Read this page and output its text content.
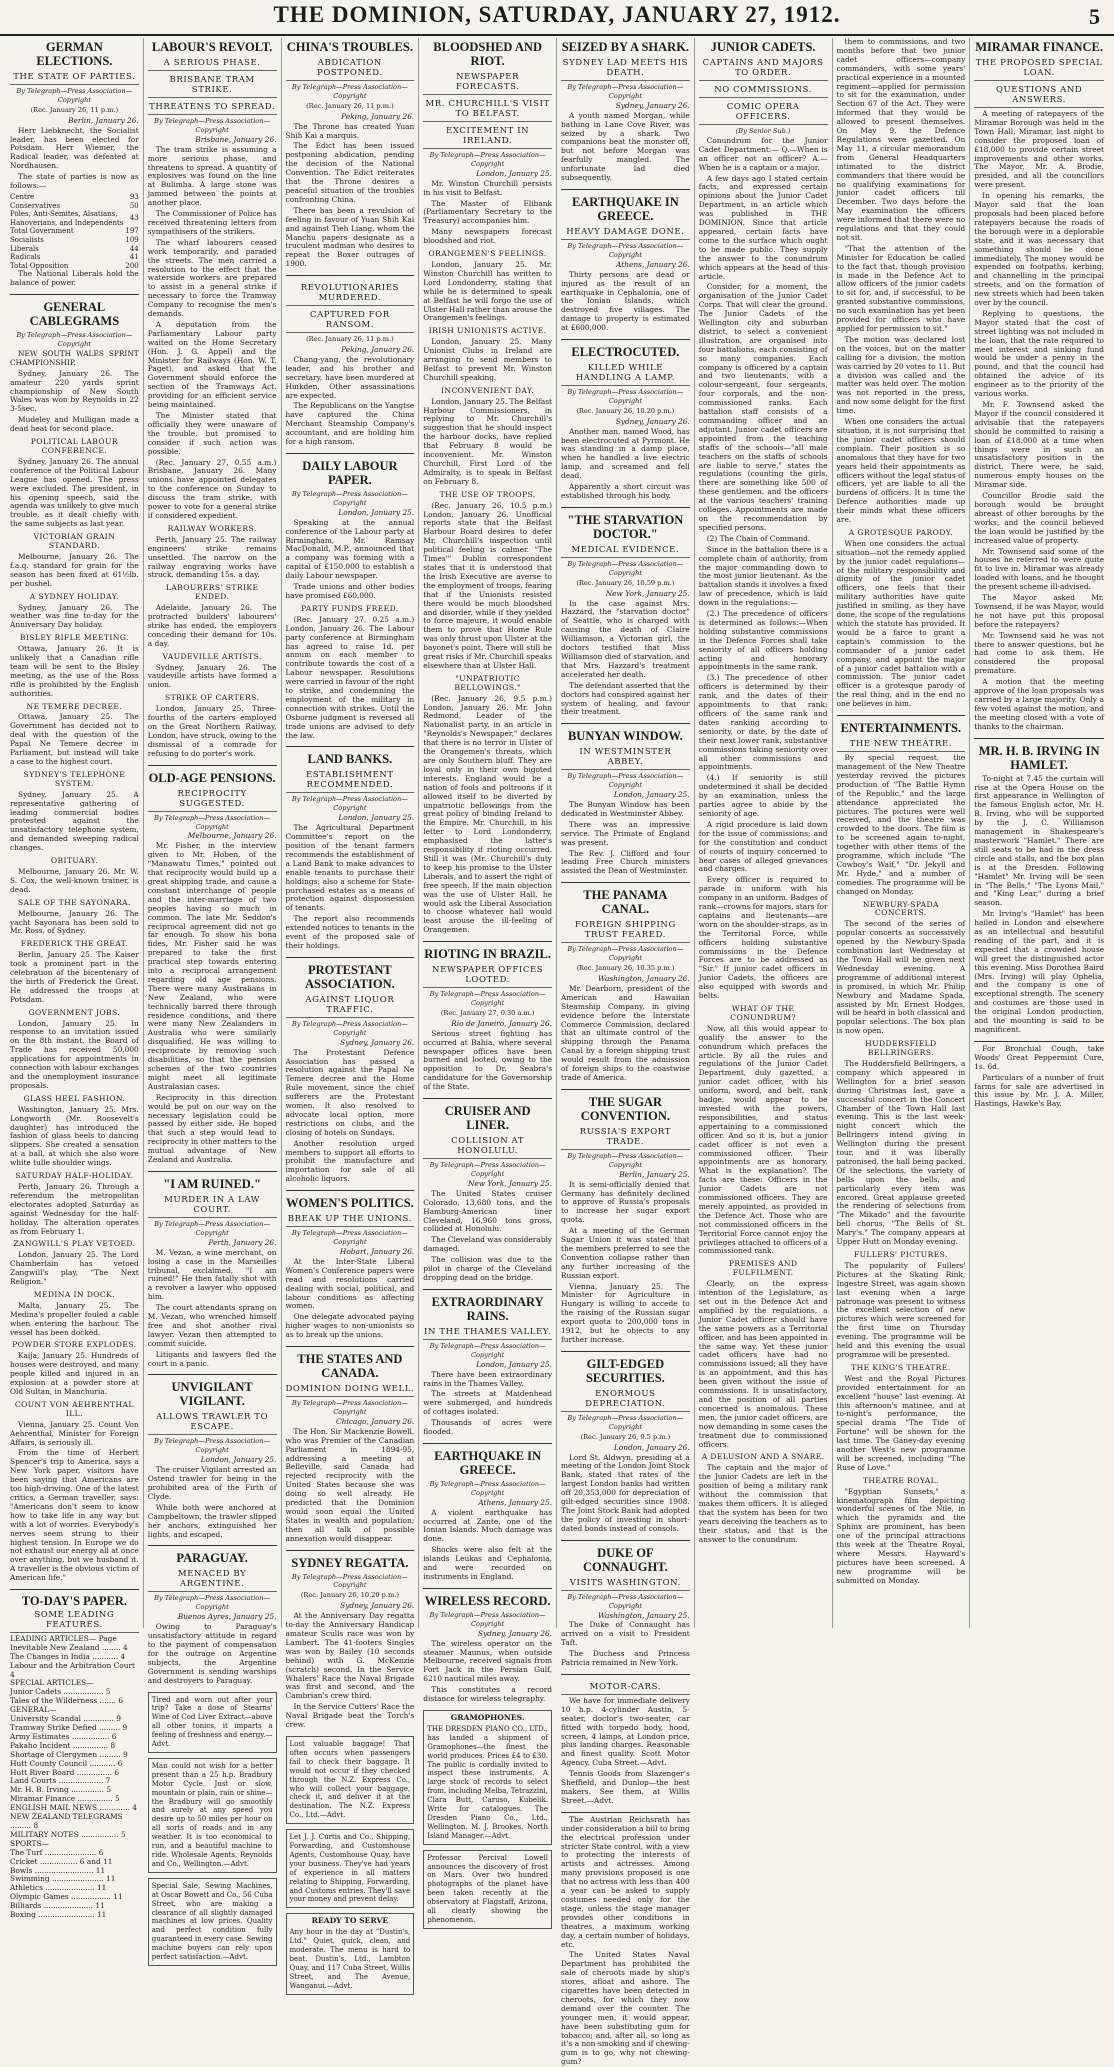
THE DOMINION, SATURDAY, JANUARY 27, 1912.	5
GERMAN ELECTIONS.
THE STATE OF PARTIES.
By Telegraph—Press Association—Copyright
(Rec. January 26, 11 p.m.)
Berlin, January 26.

Herr Liebknecht, the Socialist leader, has been elected for Potsdam. Herr Wiemer, the Radical leader, was defeated at Nordhausen.

The state of parties is now as follows:—

Centre	93
Conservatives	50
Poles, Anti-Semites, Alsatians, Hanoverians, and Independents	43
Total Government	197
Socialists	109
Liberals	44
Radicals	41
Total Opposition	200

The National Liberals hold the balance of power.

GENERAL CABLEGRAMS
By Telegraph—Press Association—Copyright

NEW SOUTH WALES SPRINT CHAMPIONSHIP.

Sydney, January 26. The amateur 220 yards sprint championship of New South Wales was won by Reynolds in 22 3-5sec.

Mudeley and Mulligan made a dead heat for second place.

POLITICAL LABOUR CONFERENCE.

Sydney, January 26. The annual conference of the Political Labour League has opened. The press were excluded. The president, in his opening speech, said the agenda was unlikely to give much trouble, as it dealt chiefly with the same subjects as last year.

VICTORIAN GRAIN STANDARD.

Melbourne, January 26. The f.a.q. standard for grain for the season has been fixed at 61½lb. per bushel.

A SYDNEY HOLIDAY.

Sydney, January 26. The weather was fine to-day for the Anniversary Day holiday.

BISLEY RIFLE MEETING.

Ottawa, January 26. It is unlikely that a Canadian rifle team will be sent to the Bisley meeting, as the use of the Ross rifle is prohibited by the English authorities.

NE TEMERE DECREE.

Ottawa, January 25. The Government has decided not to deal with the question of the Papal Ne Temere decree in Parliament, but instead will take a case to the highest court.

SYDNEY'S TELEPHONE SYSTEM.

Sydney, January 25. A representative gathering of leading commercial bodies protested against the unsatisfactory telephone system, and demanded sweeping radical changes.

OBITUARY.

Melbourne, January 26. Mr. W. S. Cox, the well-known trainer, is dead.

SALE OF THE SAYONARA.

Melbourne, January 26. The yacht Sayonara has been sold to Mr. Ross, of Sydney.

FREDERICK THE GREAT.

Berlin, January 25. The Kaiser took a prominent part in the celebration of the bicentenary of the birth of Frederick the Great. He addressed the troops at Potsdam.

GOVERNMENT JOBS.

London, January 25. In response to an invitation issued on the 8th instant, the Board of Trade has received 50,000 applications for appointments in connection with labour exchanges and the unemployment insurance proposals.

GLASS HEEL FASHION.

Washington, January 25. Mrs. Longworth (Mr. Roosevelt's daughter) has introduced the fashion of glass heels to dancing slippers. She created a sensation at a ball, at which she also wore white tulle shoulder wings.

SATURDAY HALF-HOLIDAY.

Perth, January 26. Through a referendum the metropolitan electorates adopted Saturday as against Wednesday for the half-holiday. The alteration operates as from February 1.

ZANGWILL'S PLAY VETOED.

London, January 25. The Lord Chamberlain has vetoed Zangwill's play, "The Next Religion."

MEDINA IN DOCK.

Malta, January 25. The Medina's propeller fouled a cable when entering the harbour. The vessel has been docked.

POWDER STORE EXPLODES.

Kaija, January 25. Hundreds of houses were destroyed, and many people killed and injured in an explosion at a powder store at Old Sultan, in Manchuria.

COUNT VON AEHRENTHAL ILL.

Vienna, January 25. Count Von Aehrenthal, Minister for Foreign Affairs, is seriously ill.

From the time of Herbert Spencer's trip to America, says a New York paper, visitors have been saying that Americans are too high-driving. One of the latest critics, a German traveller, says: "Americans don't seem to know how to take life in any way but with a lot of worries. Everybody's nerves seem strung to their highest tension. In Europe we do not exhaust our energy all at once over anything, but we husband it. A traveller is the obvious victim of American life."

TO-DAY'S PAPER.
SOME LEADING FEATURES.
LEADING ARTICLES— Page
Inevitable New Zealand ........ 4
The Changes in India ........... 4
Labour and the Arbitration Court 4
SPECIAL ARTICLES—
Junior Cadets ................. 5
Tales of the Wilderness ....... 6
GENERAL—
University Scandal ............. 9
Tramway Strike Defied ......... 9
Army Estimates ................ 6
Pakaho Incident ............... 8
Shortage of Clergymen ......... 9
Hutt County Council ........... 6
Hutt River Board ............... 6
Land Courts ................... 7
Mr. H. B. Irving .............. 5
Miramar Finance ............... 5
ENGLISH MAIL NEWS ............. 4
NEW ZEALAND TELEGRAMS ......... 8
MILITARY NOTES ................ 5
SPORTS—
The Turf ...................... 6
Cricket ................ 6 and 11
Bowls ......................... 11
Swimming ...................... 11
Athletics ..................... 11
Olympic Games ................. 11
Billiards ..................... 11
Boxing ........................ 11
LABOUR'S REVOLT.
A SERIOUS PHASE.
BRISBANE TRAM STRIKE.
THREATENS TO SPREAD.
By Telegraph—Press Association—Copyright
Brisbane, January 26.

The tram strike is assuming a more serious phase, and threatens to spread. A quantity of explosives was found on the line at Bulimba. A large stone was jammed between the points at another place.

The Commissioner of Police has received threatening letters from sympathisers of the strikers.

The wharf labourers ceased work temporarily, and paraded the streets. The men carried a resolution to the effect that the waterside workers are prepared to assist in a general strike if necessary to force the Tramway Company to recognise the men's demands.

A deputation from the Parliamentary Labour party waited on the Home Secretary (Hon. J. G. Appel) and the Minister for Railways (Hon. W. T. Paget), and asked that the Government should enforce the section of the Tramways Act, providing for an efficient service being maintained.

The Minister stated that officially they were unaware of the trouble, but promised to consider if such action was possible.

(Rec. January 27, 0.55 a.m.) Brisbane, January 26. Many unions have appointed delegates to the conference on Sunday to discuss the tram strike, with power to vote for a general strike if considered expedient.

RAILWAY WORKERS.

Perth, January 25. The railway engineers' strike remains unsettled. The narrow on the railway engraving works have struck, demanding 15s. a day.

LABOURERS' STRIKE ENDED.

Adelaide, January 26. The protracted builders' labourers' strike has ended, the employers conceding their demand for 10s. a day.

VAUDEVILLE ARTISTS.

Sydney, January 26. The vaudeville artists have formed a union.

STRIKE OF CARTERS.

London, January 25. Three-fourths of the carters employed on the Great Northern Railway, London, have struck, owing to the dismissal of a comrade for refusing to do porter's work.

OLD-AGE PENSIONS.
RECIPROCITY SUGGESTED.
By Telegraph—Press Association—Copyright
Melbourne, January 26.

Mr. Fisher, in the interview given to Mr. Hoben, of the "Manawatu Times," pointed out that reciprocity would build up a great shipping trade, and cause a constant interchange of people and the inter-marriage of two peoples having so much in common. The late Mr. Seddon's reciprocal agreement did not go far enough. To show his bona fides, Mr. Fisher said he was prepared to take the first practical step towards entering into a reciprocal arrangement regarding old age pensions. There were many Australians in New Zealand, who were technically barred there through residence conditions, and there were many New Zealanders in Australia who were similarly disqualified. He was willing to reciprocate by removing such disabilities, so that the pension schemes of the two countries might meet all legitimate Australasian cases.

Reciprocity in this direction would be put on our way on the necessary legislation could be passed by either side. He hoped that such a step would lead to reciprocity in other matters to the mutual advantage of New Zealand and Australia.

"I AM RUINED."
MURDER IN A LAW COURT.
By Telegraph—Press Association—Copyright
Perth, January 26.

M. Vezan, a wine merchant, on losing a case in the Marseilles tribunal, exclaimed, "I am ruined!" He then fatally shot with a revolver a lawyer who opposed him.

The court attendants sprang on M. Vezan, who wrenched himself free and shot another rival lawyer. Vezan then attempted to commit suicide.

Litigants and lawyers fled the court in a panic.

UNVIGILANT VIGILANT.
ALLOWS TRAWLER TO ESCAPE.
By Telegraph—Press Association—Copyright
London, January 25.

The cruiser Vigilant arrested an Ostend trawler for being in the prohibited area of the Firth of Clyde.

While both were anchored at Campbeltown, the trawler slipped her anchors, extinguished her lights, and escaped.

PARAGUAY.
MENACED BY ARGENTINE.
By Telegraph—Press Association—Copyright
Buenos Ayres, January 25.

Owing to Paraguay's unsatisfactory attitude in regard to the payment of compensation for the outrage on Argentine subjects, the Argentine Government is sending warships and destroyers to Paraguay.

Tired and worn out after your trip? Take a dose of Stearns' Wine of Cod Liver Extract—above all other tonics, it imparts a feeling of freshness and energy.—Advt.
Man could not wish for a better present than a 25 h.p. Bradbury Motor Cycle. Just or slow, mountain or plain, rain or shine—the Bradbury will go smoothly and surely at any speed you desire up to 50 miles per hour on all sorts of roads and in any weather. It is too economical to run, and a beautiful machine to ride. Wholesale Agents, Reynolds and Co., Wellington.—Advt.
Special Sale, Sewing Machines, at Oscar Bowett and Co., 56 Cuba Street, who are making a clearance of all slightly damaged machines at low prices. Quality and perfect condition fully guaranteed in every case. Sewing machine buyers can rely upon perfect satisfaction.—Advt.
CHINA'S TROUBLES.
ABDICATION POSTPONED.
By Telegraph—Press Association—Copyright
(Rec. January 26, 11 p.m.)
Peking, January 26.

The Throne has created Yuan Shih Kai a marquis.

The Edict has been issued postponing abdication, pending the decision of the National Convention. The Edict reiterates that the Throne desires a peaceful situation of the troubles confronting China.

There has been a revulsion of feeling in favour of Yuan Shih Kai and against Tieh Liang, whom the Manchu papers designate as a truculent madman who desires to repeat the Boxer outrages of 1900.

REVOLUTIONARIES MURDERED.
CAPTURED FOR RANSOM.
(Rec. January 26, 11 p.m.)
Peking, January 26.

Chang-yang, the revolutionary leader, and his brother and secretary, have been murdered at Hinkden. Other assassinations are expected.

The Republicans on the Yangtse have captured the China Merchant Steamship Company's accountant, and are holding him for a high ransom.

DAILY LABOUR PAPER.
By Telegraph—Press Association—Copyright
London, January 25.

Speaking at the annual conference of the Labour party at Birmingham, Mr. Ramsay MacDonald, M.P., announced that a company was forming with a capital of £150,000 to establish a daily Labour newspaper.

Trade unions and other bodies have promised £60,000.

PARTY FUNDS FREED.

(Rec. January 27, 0.25 a.m.) London, January 26. The Labour party conference at Birmingham has agreed to raise 1d. per annum on each member to contribute towards the cost of a Labour newspaper. Resolutions were carried in favour of the right to strike, and condemning the employment of the military in connection with strikes. Until the Osborne judgment is reversed all trade unions are advised to defy the law.

LAND BANKS.
ESTABLISHMENT RECOMMENDED.
By Telegraph—Press Association—Copyright
London, January 25.

The Agricultural Department Committee's report on the position of the tenant farmers recommends the establishment of a Land Bank to make advances to enable tenants to purchase their holdings; also a scheme for State-purchased estates as a means of protection against dispossession of tenants.

The report also recommends extended notices to tenants in the event of the proposed sale of their holdings.

PROTESTANT ASSOCIATION.
AGAINST LIQUOR TRAFFIC.
By Telegraph—Press Association—Copyright
Sydney, January 26.

The Protestant Defence Association has passed a resolution against the Papal Ne Temere decree and the Home Rule movement, since the chief sufferers are the Protestant women. It also resolved to advocate local option, more restrictions on clubs, and the closing of hotels on Sundays.

Another resolution urged members to support all efforts to prohibit the manufacture and importation for sale of all alcoholic liquors.

WOMEN'S POLITICS.
BREAK UP THE UNIONS.
By Telegraph—Press Association—Copyright
Hobart, January 26.

At the Inter-State Liberal Women's Conference papers were read and resolutions carried dealing with social, political, and labour conditions as affecting women.

One delegate advocated paying higher wages to non-unionists so as to break up the unions.

THE STATES AND CANADA.
DOMINION DOING WELL.
By Telegraph—Press Association—Copyright
Chicago, January 26.

The Hon. Sir Mackenzie Bowell, who was Premier of the Canadian Parliament in 1894-95, addressing a meeting at Belleville, said Canada had rejected reciprocity with the United States because she was doing so well already. He predicted that the Dominion would soon equal the United States in wealth and population; then all talk of possible annexation would disappear.

SYDNEY REGATTA.
By Telegraph—Press Association—Copyright
(Rec. January 26, 10.20 p.m.)
Sydney, January 26.

At the Anniversary Day regatta to-day the Anniversary Handicap amateur Sculls race was won by Lambert. The 41-footers Singles was won by Bailey (10 seconds behind) with G. McKenzie (scratch) second. In the Service Whalers' Race the Naval Brigade was first and second, and the Cambrian's crew third.

In the Service Cutters' Race the Naval Brigade beat the Torch's crew.

Lost valuable baggage! That often occurs when passengers fail to check their baggage. It would not occur if they checked through the N.Z. Express Co., who will collect your baggage, check it, and deliver it at the destination. The N.Z. Express Co., Ltd.—Advt.
Let J. J. Curtis and Co., Shipping, Forwarding, and Customhouse Agents, Customhouse Quay, have your business. They've had years of experience in all matters relating to Shipping, Forwarding, and Customs entries. They'll save your money and prevent delay.
READY TO SERVE
Any hour in the day at "Dustin's, Ltd." Quiet, quick, clean, and moderate. The menu is hard to beat. Dustin's, Ltd., Lambton Quay, and 117 Cuba Street, Willis Street, and The Avenue, Wanganui.—Advt.
BLOODSHED AND RIOT.
NEWSPAPER FORECASTS.
MR. CHURCHILL'S VISIT TO BELFAST.
EXCITEMENT IN IRELAND.
By Telegraph—Press Association—Copyright
London, January 25.

Mr. Winston Churchill persists in his visit to Belfast.

The Master of Elibank (Parliamentary Secretary to the Treasury) accompanies him.

Many newspapers forecast bloodshed and riot.

ORANGEMEN'S FEELINGS.

London, January 25. Mr. Winston Churchill has written to Lord Londonderry, stating that while he is determined to speak at Belfast he will forgo the use of Ulster Hall rather than arouse the Orangemen's feelings.

IRISH UNIONISTS ACTIVE.

London, January 25. Many Unionist Clubs in Ireland are arranging to send members to Belfast to prevent Mr. Winston Churchill speaking.

INCONVENIENT DAY.

London, January 25. The Belfast Harbour Commissioners, in replying to Mr. Churchill's suggestion that he should inspect the harbour docks, have replied that February 8 would be inconvenient. Mr. Winston Churchill, First Lord of the Admiralty, is to speak in Belfast on February 8.

THE USE OF TROOPS.

(Rec. January 26, 10.5 p.m.) London, January 26. Unofficial reports state that the Belfast Harbour Board desires to defer Mr. Churchill's inspection until political feeling is calmer. "The Times'" Dublin correspondent states that it is understood that the Irish Executive are averse to the employment of troops, fearing that if the Unionists resisted there would be much bloodshed and disorder, while if they yielded to force majeure, it would enable them to prove that Home Rule was only thrust upon Ulster at the bayonet's point. There will still be great risks if Mr. Churchill speaks elsewhere than at Ulster Hall.

"UNPATRIOTIC BELLOWINGS."

(Rec. January 26, 9.5 p.m.) London, January 26. Mr. John Redmond, Leader of the Nationalist party, in an article in "Reynolds's Newspaper," declares that there is no terror in Ulster of the Orangemen's threats, which are only Southern bluff. They are loyal only in their own bigoted interests. England would be a nation of fools and poltroons if it allowed itself to be diverted by unpatriotic bellowings from the great policy of binding Ireland to the Empire. Mr. Churchill, in his letter to Lord Londonderry, emphasised the latter's responsibility if rioting occurred. Still it was (Mr. Churchill's duty to keep his promise to the Ulster Liberals, and to assert the right of free speech. If the main objection was the use of Ulster Hall, he would ask the Liberal Association to choose whatever hall would least arouse the ill-feeling of Orangemen.

RIOTING IN BRAZIL.
NEWSPAPER OFFICES LOOTED.
By Telegraph—Press Association—Copyright
(Rec. January 27, 0.30 a.m.)
Rio de Janeiro, January 26.

Serious street fighting has occurred at Bahia, where several newspaper offices have been burned and looted, owing to the opposition to Dr. Seabra's candidature for the Governorship of the State.

CRUISER AND LINER.
COLLISION AT HONOLULU.
By Telegraph—Press Association—Copyright
New York, January 25.

The United States cruiser Colorado, 13,680 tons, and the Hamburg-American liner Cleveland, 16,960 tons gross, collided at Honolulu.

The Cleveland was considerably damaged.

The collision was due to the pilot in charge of the Cleveland dropping dead on the bridge.

EXTRAORDINARY RAINS.
IN THE THAMES VALLEY.
By Telegraph—Press Association—Copyright
London, January 25.

There have been extraordinary rains in the Thames Valley.

The streets at Maidenhead were submerged, and hundreds of cottages isolated.

Thousands of acres were flooded.

EARTHQUAKE IN GREECE.
By Telegraph—Press Association—Copyright
Athens, January 25.

A violent earthquake has occurred at Zante, one of the Ionian Islands. Much damage was done.

Shocks were also felt at the islands Leukas and Cephalonia, and were recorded on instruments in England.

WIRELESS RECORD.
By Telegraph—Press Association—Copyright
Sydney, January 26.

The wireless operator on the steamer Maunus, when outside Melbourne, received signals from Fort Jack in the Persian Gulf, 6210 nautical miles away.

This constitutes a record distance for wireless telegraphy.

GRAMOPHONES.
THE DRESDEN PIANO CO., LTD., has landed a shipment of Gramophones—the finest the world produces. Prices £4 to £30. The public is cordially invited to inspect these instruments. A large stock of records to select from, including Melba, Tetrazzini, Clara Butt, Caruso, Kubelik. Write for catalogues. The Dresden Piano Co., Ltd., Wellington. M. J. Brookes, North Island Manager.—Advt.
Professor Percival Lowell announces the discovery of frost on Mars. Over two hundred photographs of the planet have been taken recently at the observatory at Flagstaff, Arizona, all clearly showing the phenomenon.
SEIZED BY A SHARK.
SYDNEY LAD MEETS HIS DEATH.
By Telegraph—Press Association—Copyright
Sydney, January 26.

A youth named Morgan, while bathing in Lane Cove River, was seized by a shark. Two companions beat the monster off, but not before Morgan was fearfully mangled. The unfortunate lad died subsequently.

EARTHQUAKE IN GREECE.
HEAVY DAMAGE DONE.
By Telegraph—Press Association—Copyright
Athens, January 26.

Thirty persons are dead or injured as the result of an earthquake in Cephalonia, one of the Ionian Islands, which destroyed five villages. The damage to property is estimated at £600,000.

ELECTROCUTED.
KILLED WHILE HANDLING A LAMP.
By Telegraph—Press Association—Copyright
(Rec. January 26, 10.20 p.m.)
Sydney, January 26.

Another man, named Wood, has been electrocuted at Pyrmont. He was standing in a damp place, when he handled a live electric lamp, and screamed and fell dead.

Apparently a short circuit was established through his body.

"THE STARVATION DOCTOR."
MEDICAL EVIDENCE.
By Telegraph—Press Association—Copyright
(Rec. January 26, 10.59 p.m.)
New York, January 25.

In the case against Mrs. Hazzard, the "starvation doctor" of Seattle, who is charged with causing the death of Claire Williamson, a Victorian girl, the doctors testified that Miss Williamson died of starvation, and that Mrs. Hazzard's treatment accelerated her death.

The defendant asserted that the doctors had conspired against her system of healing, and favour their treatment.

BUNYAN WINDOW.
IN WESTMINSTER ABBEY.
By Telegraph—Press Association—Copyright
London, January 25.

The Bunyan Window has been dedicated in Westminster Abbey.

There was an impressive service. The Primate of England was present.

The Rev. J. Clifford and four leading Free Church ministers assisted the Dean of Westminster.

THE PANAMA CANAL.
FOREIGN SHIPPING TRUST FEARED.
By Telegraph—Press Association—Copyright
(Rec. January 26, 10.35 p.m.)
Washington, January 26.

Mr. Dearborn, president of the American and Hawaiian Steamship Company, in giving evidence before the Interstate Commerce Commission, declared that an ultimate control of the shipping through the Panama Canal by a foreign shipping trust would result from the admission of foreign ships to the coastwise trade of America.

THE SUGAR CONVENTION.
RUSSIA'S EXPORT TRADE.
By Telegraph—Press Association—Copyright
Berlin, January 25.

It is semi-officially denied that Germany has definitely declined to approve of Russia's proposals to increase her sugar export quota.

At a meeting of the German Sugar Union it was stated that the members preferred to see the Convention collapse rather than any further increasing of the Russian export.

Vienna, January 25. The Minister for Agriculture in Hungary is willing to accede to the raising of the Russian sugar export quota to 200,000 tons in 1912, but he objects to any further increase.

GILT-EDGED SECURITIES.
ENORMOUS DEPRECIATION.
By Telegraph—Press Association—Copyright
(Rec. January 26, 9.5 p.m.)
London, January 26.

Lord St. Aldwyn, presiding at a meeting of the London Joint Stock Bank, stated that rates of the largest London banks had written off 20,353,000 for depreciation of gilt-edged securities since 1908. The Joint Stock Bank had adopted the policy of investing in short-dated bonds instead of consols.

DUKE OF CONNAUGHT.
VISITS WASHINGTON.
By Telegraph—Press Association—Copyright
Washington, January 25.

The Duke of Connaught has arrived on a visit to President Taft.

The Duchess and Princess Patricia remained in New York.

MOTOR-CARS.

We have for immediate delivery 10 h.p. 4-cylinder Austin, 5-seater, doctor's two-seater, car fitted with torpedo body, hood, screen, 4 lamps, at London price, plus landing charges. Reasonable and finest quality. Scott Motor Agency, Cuba Street.—Advt.

Tennis Goods from Slazenger's Sheffield, and Dunlop—the best makers. See them, at Willis Street.—Advt.

The Austrian Reichsrath has under consideration a bill to bring the electrical profession under stricter State control, with a view to protecting the interests of artists and actresses. Among many provisions proposed is one that no actress with less than 400 a year can be asked to supply costumes needed only for the stage, unless the stage manager provides other conditions in theatres, a maximum working day, a certain number of holidays, etc.

The United States Naval Department has prohibited the sale of cheroots made by ship's stores, afloat and ashore. The cigarettes have been detected in cheroots, for which they now demand over the counter. The younger men, it would appear, have been substituting gum for tobacco; and, after all, so long as it's a non-smoking and if chewing-gum is to go, why not chewing-gum?

JUNIOR CADETS.
CAPTAINS AND MAJORS TO ORDER.
NO COMMISSIONS.
COMIC OPERA OFFICERS.
(By Senior Sub.)

Conundrum for the Junior Cadet Department:— Q.—When is an officer not an officer? A.—When he is a captain or a major.

A few days ago I stated certain facts, and expressed certain opinions about the Junior Cadet Department, in an article which was published in THE DOMINION. Since that article appeared, certain facts have come to the surface which ought to be made public. They supply the answer to the conundrum which appears at the head of this article.

Consider, for a moment, the organisation of the Junior Cadet Corps. That will clear the ground. The Junior Cadets of the Wellington city and suburban district, to select a convenient illustration, are organised into four battalions, each consisting of so many companies. Each company is officered by a captain and two lieutenants, with a colour-sergeant, four sergeants, four corporals, and the non-commissioned ranks. Each battalion staff consists of a commanding officer and an adjutant. Junior cadet officers are appointed from the teaching staffs of the schools—"all male teachers on the staffs of schools are liable to serve," states the regulations (counting the girls, there are something like 500 of these gentlemen, and the officers at the various teachers' training colleges. Appointments are made on the recommendation by specified persons.

(2) The Chain of Command.

Since in the battalion there is a complete chain of authority, from the major commanding down to the most junior lieutenant. As the battalion stands it involves a fixed law of precedence, which is laid down in the regulations:—

(2.) The precedence of officers is determined as follows:—When holding substantive commissions in the Defence Forces shall take seniority of all officers holding acting and honorary appointments in the same rank.

(3.) The precedence of other officers is determined by their rank, and the dates of their appointments to that rank; officers of the same rank and dates ranking according to seniority, or date, by the date of their next lower rank, substantive commissions taking seniority over all other commissions and appointments.

(4.) If seniority is still undetermined it shall be decided by an examination, unless the parties agree to abide by the seniority of age.

A rigid procedure is laid down for the issue of commissions; and for the constitution and conduct of courts of inquiry concerned to hear cases of alleged grievances and charges.

Every officer is required to parade in uniform with his company in an uniform. Badges of rank—crowns for majors, stars for captains and lieutenants—are worn on the shoulder-straps, as in the Territorial Force, while officers holding substantive commissions in the Defence Forces are to be addressed as "Sir." If junior cadet officers in Junior Cadets, the officers are also equipped with swords and belts.

WHAT OF THE CONUNDRUM?

Now, all this would appear to qualify the answer to the conundrum which prefaces the article. By all the rules and regulations of the Junior Cadet Department, duly gazetted, a junior cadet officer, with his uniform, sword, and belt, rank badge, would appear to be invested with the powers, responsibilities, and status appertaining to a commissioned officer. And so it is, but a junior cadet officer is not even a commissioned officer. Their appointments are as honorary. What is the explanation? The facts are these: Officers in the Junior Cadets are not commissioned officers. They are merely appointed, as provided in the Defence Act. Those who are not commissioned officers in the Territorial Force cannot enjoy the privileges attached to officers of a commissioned rank.

PREMISES AND FULFILMENT.

Clearly, on the express intention of the Legislature, as set out in the Defence Act and amplified by the regulations, a Junior Cadet officer should have the same powers as a Territorial officer, and has been appointed in the same way. Yet these junior cadet officers have had no commissions issued; all they have is an appointment, and this has been given without the issue of commissions. It is unsatisfactory, and the position of all parties concerned is anomalous. These men, the junior cadet officers, are now demanding in some cases the treatment due to commissioned officers.

A DELUSION AND A SNARE.

The captain and the major of the Junior Cadets are left in the position of being a military rank without the commission that makes them officers. It is alleged that the system has been for two years deceiving the teachers as to their status, and that is the answer to the conundrum.

them to commissions, and two months before that two junior cadet officers—company commanders, with some years' practical experience in a mounted regiment—applied for permission to sit for the examination, under Section 67 of the Act. They were informed that they would be allowed to present themselves. On May 9, the Defence Regulations were gazetted. On May 11, a circular memorandum from General Headquarters intimated to the district commanders that there would be no qualifying examinations for junior cadet officers till December. Two days before the May examination the officers were informed that there were no regulations and that they could not sit.

"That the attention of the Minister for Education be called to the fact that, though provision is made in the Defence Act to allow officers of the junior cadets to sit for, and, if successful, to be granted substantive commissions, no such examination has yet been provided for officers who have applied for permission to sit."

The motion was declared lost on the voices, but on the matter calling for a division, the motion was carried by 20 votes to 11. But a division was called and the matter was held over. The motion was not reported in the press, and now some delight for the first time.

When one considers the actual situation, it is not surprising that the junior cadet officers should complain. Their position is so anomalous that they have for two years held their appointments as officers without the legal status of officers, yet are liable to all the burdens of officers. It is time the Defence authorities made up their minds what these officers are.

A GROTESQUE PARODY.

When one considers the actual situation—not the remedy applied by the junior cadet regulations—of the military responsibility and dignity of the junior cadet officers, one feels that their military authorities have quite justified in smiling, as they have done, the scope of the regulations which the statute has provided. It would be a farce to grant a captain's commission to the commander of a junior cadet company, and appoint the major of a junior cadet battalion with a commission. The junior cadet officer is a grotesque parody of the real thing, and in the end no one believes in him.

ENTERTAINMENTS.
THE NEW THEATRE.

By special request, the management of the New Theatre yesterday revived the pictures production of "The Battle Hymn of the Republic," and the large attendance appreciated the pictures. The pictures were well received, and the theatre was crowded to the doors. The film is to be screened again to-night, together with other items of the programme, which include "The Cowboy's Waif," "Dr. Jekyll and Mr. Hyde," and a number of comedies. The programme will be changed on Monday.

NEWBURY-SPADA CONCERTS.

The second of the series of popular concerts as successively opened by the Newbury-Spada combination last Wednesday at the Town Hall will be given next Wednesday evening. A programme of additional interest is promised, in which Mr. Philip Newbury and Madame Spada, assisted by Mr. Ernest Hodges, will be heard in both classical and popular selections. The box plan is now open.

HUDDERSFIELD BELLRINGERS.

The Huddersfield Bellringers, a company which appeared in Wellington for a brief season during Christmas last, gave a successful concert in the Concert Chamber of the Town Hall last evening. This is the last week-night concert which the Bellringers intend giving in Wellington during the present tour, and it was liberally patronised, the hall being packed. Of the selections, the variety of bells upon the bells, and particularly every item was encored. Great applause greeted the rendering of selections from "The Mikado" and the favourite bell chorus, "The Bells of St. Mary's." The company appears at Upper Hutt on Monday evening.

FULLERS' PICTURES.

The popularity of Fullers' Pictures at the Skating Rink, Ingestre Street, was again shown last evening when a large patronage was present to witness the excellent selection of new pictures which were screened for the first time on Thursday evening. The programme will be held and this evening the usual programme will be presented.

THE KING'S THEATRE.

West and the Royal Pictures provided entertainment for an excellent "house" last evening. At this afternoon's matinee, and at to-night's performance, the special drama "The Tide of Fortune" will be shown for the last time. The Ganey-day evening another West's new programme will be screened, including "The Ruse of Love."

THEATRE ROYAL.

"Egyptian Sunsets," a kinematograph film depicting wonderful scenes of the Nile, in which the pyramids and the Sphinx are prominent, has been one of the principal attractions this week at the Theatre Royal, where Messrs. Hayward's pictures have been screened. A new programme will be submitted on Monday.

MIRAMAR FINANCE.
THE PROPOSED SPECIAL LOAN.
QUESTIONS AND ANSWERS.

A meeting of ratepayers of the Miramar Borough was held in the Town Hall, Miramar, last night to consider the proposed loan of £18,000 to provide certain street improvements and other works. The Mayor, Mr. A. Brodie, presided, and all the councillors were present.

In opening his remarks, the Mayor said that the loan proposals had been placed before ratepayers because the roads of the borough were in a deplorable state, and it was necessary that something should be done immediately. The money would be expended on footpaths, kerbing, and channelling in the principal streets, and on the formation of new streets which had been taken over by the council.

Replying to questions, the Mayor stated that the cost of street lighting was not included in the loan, that the rate required to meet interest and sinking fund would be under a penny in the pound, and that the council had obtained the advice of its engineer as to the priority of the various works.

Mr. F. Townsend asked the Mayor if the council considered it advisable that the ratepayers should be committed to raising a loan of £18,000 at a time when things were in such an unsatisfactory position in the district. There were, he said, numerous empty houses on the Miramar side.

Councillor Brodie said the borough would be brought abreast of other boroughs by the works, and the council believed the loan would be justified by the increased value of property.

Mr. Townsend said some of the houses he referred to were quite fit to live in. Miramar was already loaded with loans, and he thought the present scheme ill-advised.

The Mayor asked Mr. Townsend, if he was Mayor, would he not have put this proposal before the ratepayers?

Mr. Townsend said he was not there to answer questions, but he had come to ask them. He considered the proposal premature.

A motion that the meeting approve of the loan proposals was carried by a large majority. Only a few voted against the motion, and the meeting closed with a vote of thanks to the chairman.

MR. H. B. IRVING IN HAMLET.

To-night at 7.45 the curtain will rise at the Opera House on the first appearance in Wellington of the famous English actor, Mr. H. B. Irving, who will be supported by the J. C. Williamson management in Shakespeare's masterwork "Hamlet." There are still seats to be had in the dress circle and stalls, and the box plan is at the Dresden. Following "Hamlet" Mr. Irving will be seen in "The Bells," "The Lyons Mail," and "King Lear," during a brief season.

Mr. Irving's "Hamlet" has been hailed in London and elsewhere as an intellectual and beautiful reading of the part, and it is expected that a crowded house will greet the distinguished actor this evening. Miss Dorothea Baird (Mrs. Irving) will play Ophelia, and the company is one of exceptional strength. The scenery and costumes are those used in the original London production, and the mounting is said to be magnificent.

For Bronchial Cough, take Woods' Great Peppermint Cure, 1s. 6d.

Particulars of a number of fruit farms for sale are advertised in this issue by Mr. J. A. Miller, Hastings, Hawke's Bay.
